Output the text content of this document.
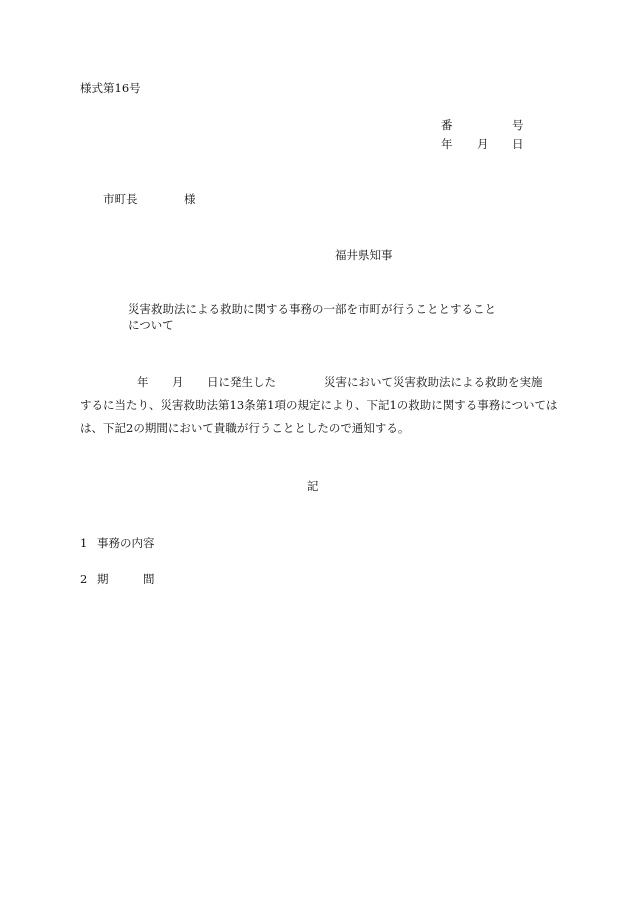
様式第16号
番	号
年 月 日
市町長	様
福井県知事
災害救助法による救助に関する事務の一部を市町が行うこととすること
について
年 月 日に発生した	災害において災害救助法による救助を実施
するに当たり、災害救助法第13条第1項の規定により、下記1の救助に関する事務については
は、下記2の期間において貴職が行うこととしたので通知する。
記
1 事務の内容
2 期	間
